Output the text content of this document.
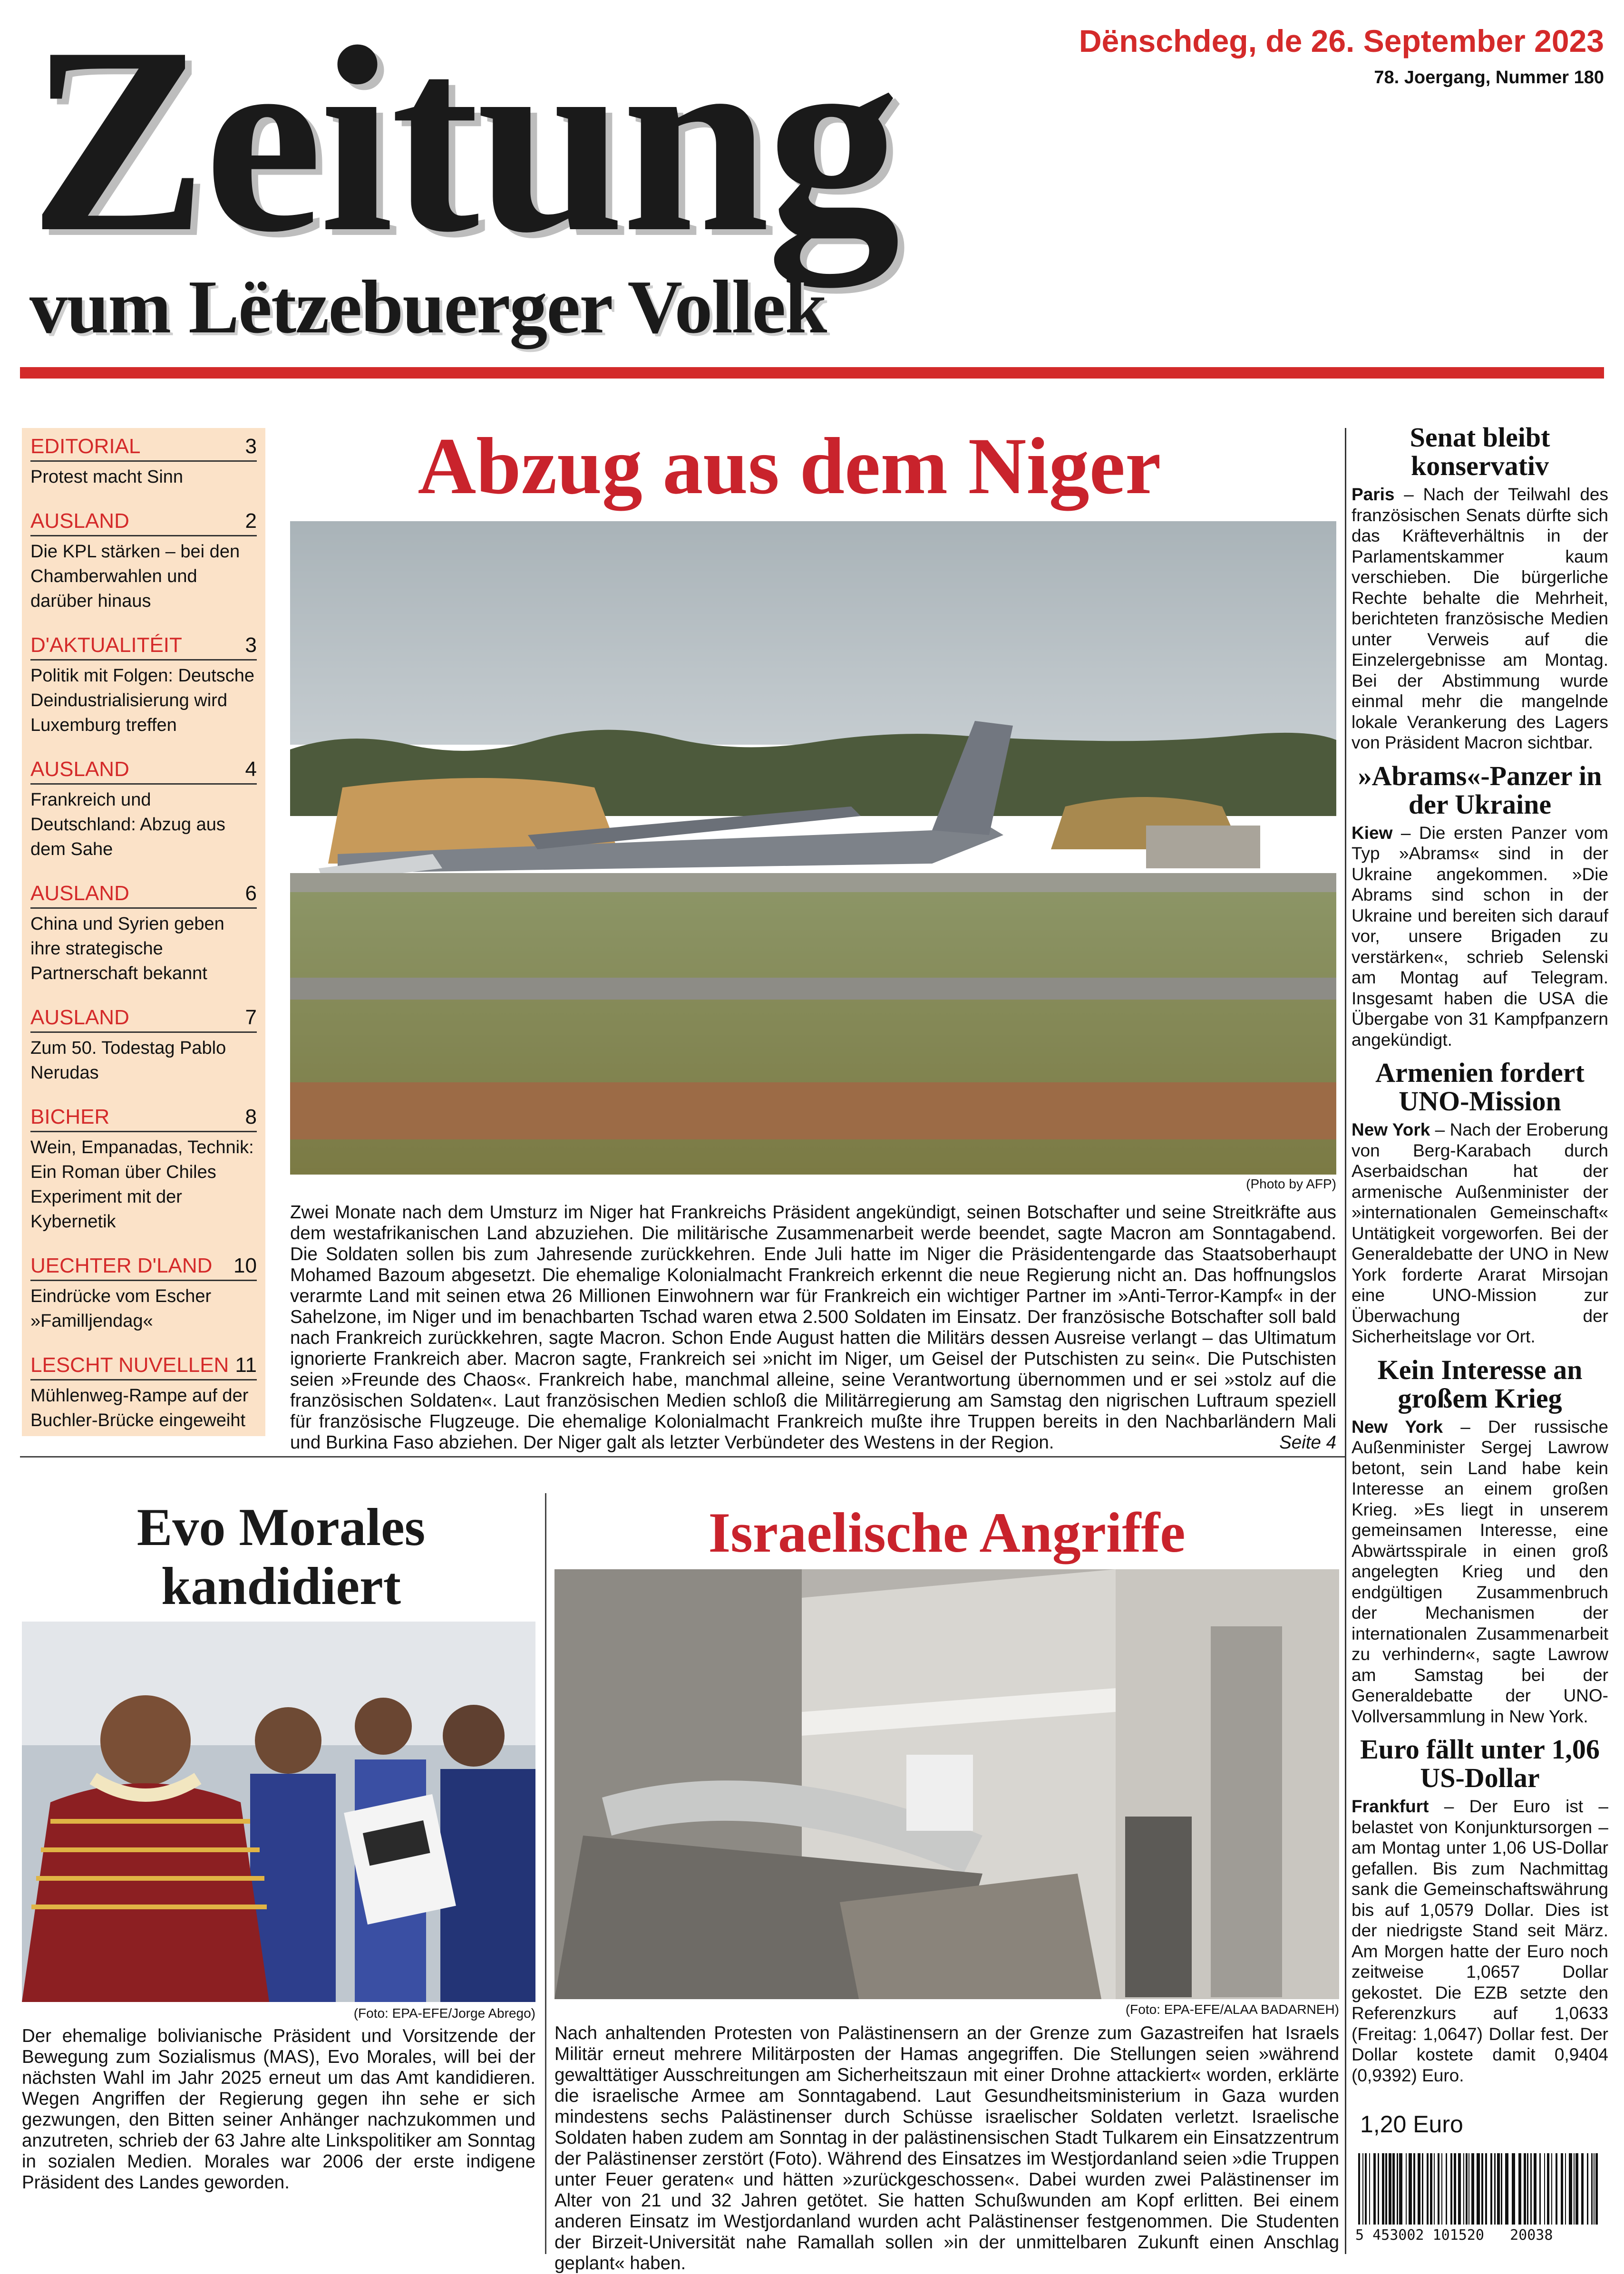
Zeitung
vum Lëtzebuerger Vollek
Dënschdeg, de 26. September 2023
78. Joergang, Nummer 180
EDITORIAL	3
Protest macht Sinn
AUSLAND	2
Die KPL stärken – bei den Chamberwahlen und darüber hinaus
D'AKTUALITÉIT	3
Politik mit Folgen: Deutsche Deindustrialisierung wird Luxemburg treffen
AUSLAND	4
Frankreich und Deutschland: Abzug aus dem Sahe
AUSLAND	6
China und Syrien geben ihre strategische Partnerschaft bekannt
AUSLAND	7
Zum 50. Todestag Pablo Nerudas
BICHER	8
Wein, Empanadas, Technik: Ein Roman über Chiles Experiment mit der Kybernetik
UECHTER D'LAND 10
Eindrücke vom Escher »Familljendag«
LESCHT NUVELLEN 11
Mühlenweg-Rampe auf der Buchler-Brücke eingeweiht
Abzug aus dem Niger
(Photo by AFP)
Zwei Monate nach dem Umsturz im Niger hat Frankreichs Präsident angekündigt, seinen Botschafter und seine Streitkräfte aus dem westafrikanischen Land abzuziehen. Die militärische Zusammenarbeit werde beendet, sagte Macron am Sonntagabend. Die Soldaten sollen bis zum Jahresende zurückkehren. Ende Juli hatte im Niger die Präsidentengarde das Staatsoberhaupt Mohamed Bazoum abgesetzt. Die ehemalige Kolonialmacht Frankreich erkennt die neue Regierung nicht an. Das hoffnungslos verarmte Land mit seinen etwa 26 Millionen Einwohnern war für Frankreich ein wichtiger Partner im »Anti-Terror-Kampf« in der Sahelzone, im Niger und im benachbarten Tschad waren etwa 2.500 Soldaten im Einsatz. Der französische Botschafter soll bald nach Frankreich zurückkehren, sagte Macron. Schon Ende August hatten die Militärs dessen Ausreise verlangt – das Ultimatum ignorierte Frankreich aber. Macron sagte, Frankreich sei »nicht im Niger, um Geisel der Putschisten zu sein«. Die Putschisten seien »Freunde des Chaos«. Frankreich habe, manchmal alleine, seine Verantwortung übernommen und er sei »stolz auf die französischen Soldaten«. Laut französischen Medien schloß die Militärregierung am Samstag den nigrischen Luftraum speziell für französische Flugzeuge. Die ehemalige Kolonialmacht Frankreich mußte ihre Truppen bereits in den Nachbarländern Mali und Burkina Faso abziehen. Der Niger galt als letzter Verbündeter des Westens in der Region.	Seite 4
Senat bleibt konservativ
Paris – Nach der Teilwahl des französischen Senats dürfte sich das Kräfteverhältnis in der Parlamentskammer kaum verschieben. Die bürgerliche Rechte behalte die Mehrheit, berichteten französische Medien unter Verweis auf die Einzelergebnisse am Montag. Bei der Abstimmung wurde einmal mehr die mangelnde lokale Verankerung des Lagers von Präsident Macron sichtbar.
»Abrams«-Panzer in der Ukraine
Kiew – Die ersten Panzer vom Typ »Abrams« sind in der Ukraine angekommen. »Die Abrams sind schon in der Ukraine und bereiten sich darauf vor, unsere Brigaden zu verstärken«, schrieb Selenski am Montag auf Telegram. Insgesamt haben die USA die Übergabe von 31 Kampfpanzern angekündigt.
Armenien fordert UNO-Mission
New York – Nach der Eroberung von Berg-Karabach durch Aserbaidschan hat der armenische Außenminister der »internationalen Gemeinschaft« Untätigkeit vorgeworfen. Bei der Generaldebatte der UNO in New York forderte Ararat Mirsojan eine UNO-Mission zur Überwachung der Sicherheitslage vor Ort.
Kein Interesse an großem Krieg
New York – Der russische Außenminister Sergej Lawrow betont, sein Land habe kein Interesse an einem großen Krieg. »Es liegt in unserem gemeinsamen Interesse, eine Abwärtsspirale in einen groß angelegten Krieg und den endgültigen Zusammenbruch der Mechanismen der internationalen Zusammenarbeit zu verhindern«, sagte Lawrow am Samstag bei der Generaldebatte der UNO-Vollversammlung in New York.
Euro fällt unter 1,06 US-Dollar
Frankfurt – Der Euro ist – belastet von Konjunktursorgen – am Montag unter 1,06 US-Dollar gefallen. Bis zum Nachmittag sank die Gemeinschaftswährung bis auf 1,0579 Dollar. Dies ist der niedrigste Stand seit März. Am Morgen hatte der Euro noch zeitweise 1,0657 Dollar gekostet. Die EZB setzte den Referenzkurs auf 1,0633 (Freitag: 1,0647) Dollar fest. Der Dollar kostete damit 0,9404 (0,9392) Euro.
1,20 Euro
5 453002 101520   20038
Evo Morales kandidiert
(Foto: EPA-EFE/Jorge Abrego)
Der ehemalige bolivianische Präsident und Vorsitzende der Bewegung zum Sozialismus (MAS), Evo Morales, will bei der nächsten Wahl im Jahr 2025 erneut um das Amt kandidieren. Wegen Angriffen der Regierung gegen ihn sehe er sich gezwungen, den Bitten seiner Anhänger nachzukommen und anzutreten, schrieb der 63 Jahre alte Linkspolitiker am Sonntag in sozialen Medien. Morales war 2006 der erste indigene Präsident des Landes geworden.
Israelische Angriffe
(Foto: EPA-EFE/ALAA BADARNEH)
Nach anhaltenden Protesten von Palästinensern an der Grenze zum Gazastreifen hat Israels Militär erneut mehrere Militärposten der Hamas angegriffen. Die Stellungen seien »während gewalttätiger Ausschreitungen am Sicherheitszaun mit einer Drohne attackiert« worden, erklärte die israelische Armee am Sonntagabend. Laut Gesundheitsministerium in Gaza wurden mindestens sechs Palästinenser durch Schüsse israelischer Soldaten verletzt. Israelische Soldaten haben zudem am Sonntag in der palästinensischen Stadt Tulkarem ein Einsatzzentrum der Palästinenser zerstört (Foto). Während des Einsatzes im Westjordanland seien »die Truppen unter Feuer geraten« und hätten »zurückgeschossen«. Dabei wurden zwei Palästinenser im Alter von 21 und 32 Jahren getötet. Sie hatten Schußwunden am Kopf erlitten. Bei einem anderen Einsatz im Westjordanland wurden acht Palästinenser festgenommen. Die Studenten der Birzeit-Universität nahe Ramallah sollen »in der unmittelbaren Zukunft einen Anschlag geplant« haben.
